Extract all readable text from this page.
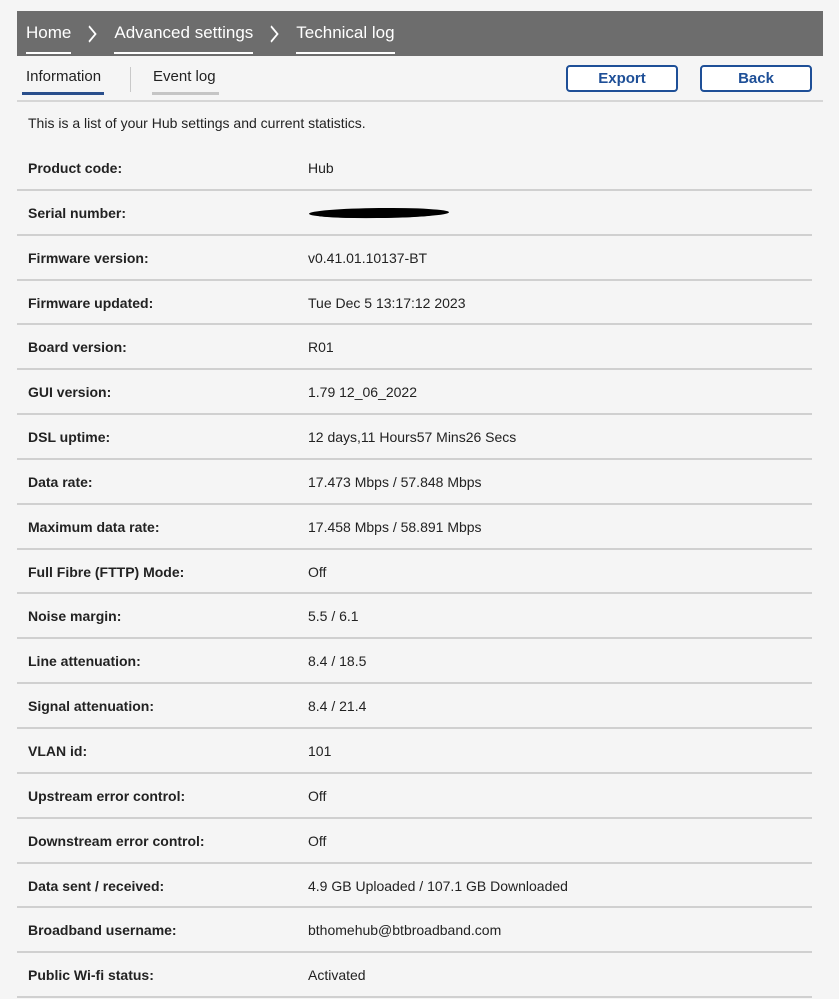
Home	Advanced settings	Technical log
Information	Event log	Export	Back
This is a list of your Hub settings and current statistics.
Product code:	Hub
Serial number:
Firmware version:	v0.41.01.10137-BT
Firmware updated:	Tue Dec 5 13:17:12 2023
Board version:	R01
GUI version:	1.79 12_06_2022
DSL uptime:	12 days,11 Hours57 Mins26 Secs
Data rate:	17.473 Mbps / 57.848 Mbps
Maximum data rate:	17.458 Mbps / 58.891 Mbps
Full Fibre (FTTP) Mode:	Off
Noise margin:	5.5 / 6.1
Line attenuation:	8.4 / 18.5
Signal attenuation:	8.4 / 21.4
VLAN id:	101
Upstream error control:	Off
Downstream error control:	Off
Data sent / received:	4.9 GB Uploaded / 107.1 GB Downloaded
Broadband username:	bthomehub@btbroadband.com
Public Wi-fi status:	Activated
